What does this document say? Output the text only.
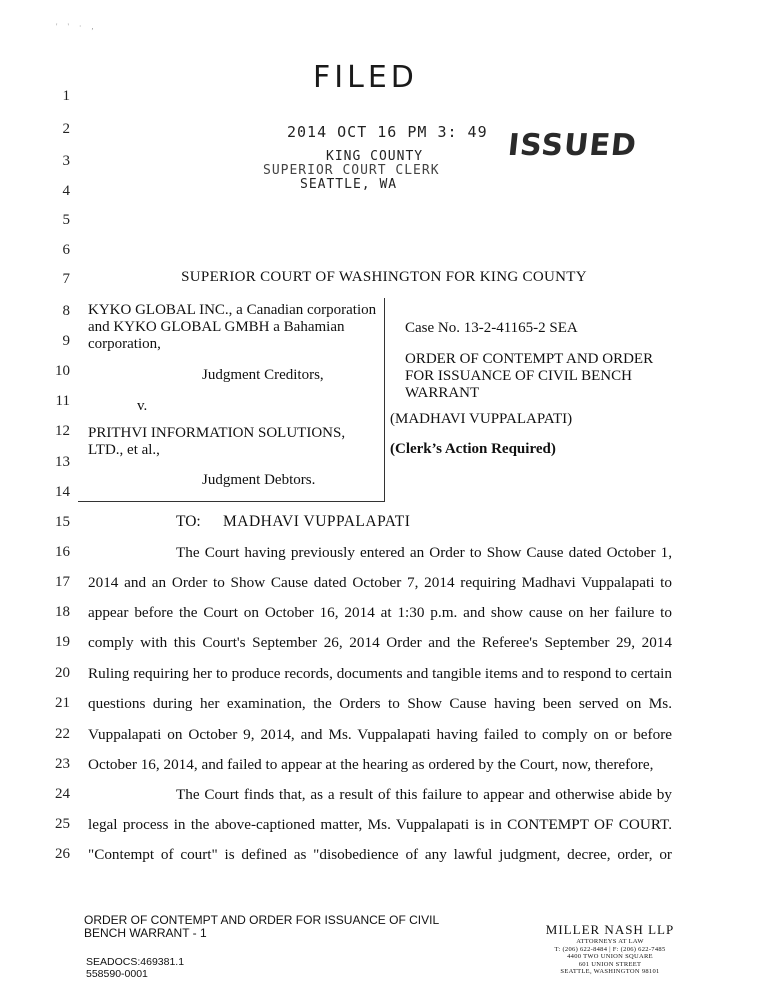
' ' · ,
FILED
2014 OCT 16 PM 3: 49
KING COUNTY
SUPERIOR COURT CLERK
SEATTLE, WA
ISSUED
1
2
3
4
5
6
7
8
9
10
11
12
13
14
15
16
17
18
19
20
21
22
23
24
25
26
SUPERIOR COURT OF WASHINGTON FOR KING COUNTY
KYKO GLOBAL INC., a Canadian corporation
and KYKO GLOBAL GMBH a Bahamian
corporation,
Judgment Creditors,
v.
PRITHVI INFORMATION SOLUTIONS,
LTD., et al.,
Judgment Debtors.
Case No. 13-2-41165-2 SEA
ORDER OF CONTEMPT AND ORDER
FOR ISSUANCE OF CIVIL BENCH
WARRANT
(MADHAVI VUPPALAPATI)
(Clerk’s Action Required)
TO: MADHAVI VUPPALAPATI
The Court having previously entered an Order to Show Cause dated October 1,
2014 and an Order to Show Cause dated October 7, 2014 requiring Madhavi Vuppalapati to
appear before the Court on October 16, 2014 at 1:30 p.m. and show cause on her failure to
comply with this Court's September 26, 2014 Order and the Referee's September 29, 2014
Ruling requiring her to produce records, documents and tangible items and to respond to certain
questions during her examination, the Orders to Show Cause having been served on Ms.
Vuppalapati on October 9, 2014, and Ms. Vuppalapati having failed to comply on or before
October 16, 2014, and failed to appear at the hearing as ordered by the Court, now, therefore,
The Court finds that, as a result of this failure to appear and otherwise abide by
legal process in the above-captioned matter, Ms. Vuppalapati is in CONTEMPT OF COURT.
"Contempt of court" is defined as "disobedience of any lawful judgment, decree, order, or
ORDER OF CONTEMPT AND ORDER FOR ISSUANCE OF CIVIL
BENCH WARRANT - 1
SEADOCS:469381.1
558590-0001
MILLER NASH LLP
ATTORNEYS AT LAW
T: (206) 622-8484 | F: (206) 622-7485
4400 TWO UNION SQUARE
601 UNION STREET
SEATTLE, WASHINGTON 98101
